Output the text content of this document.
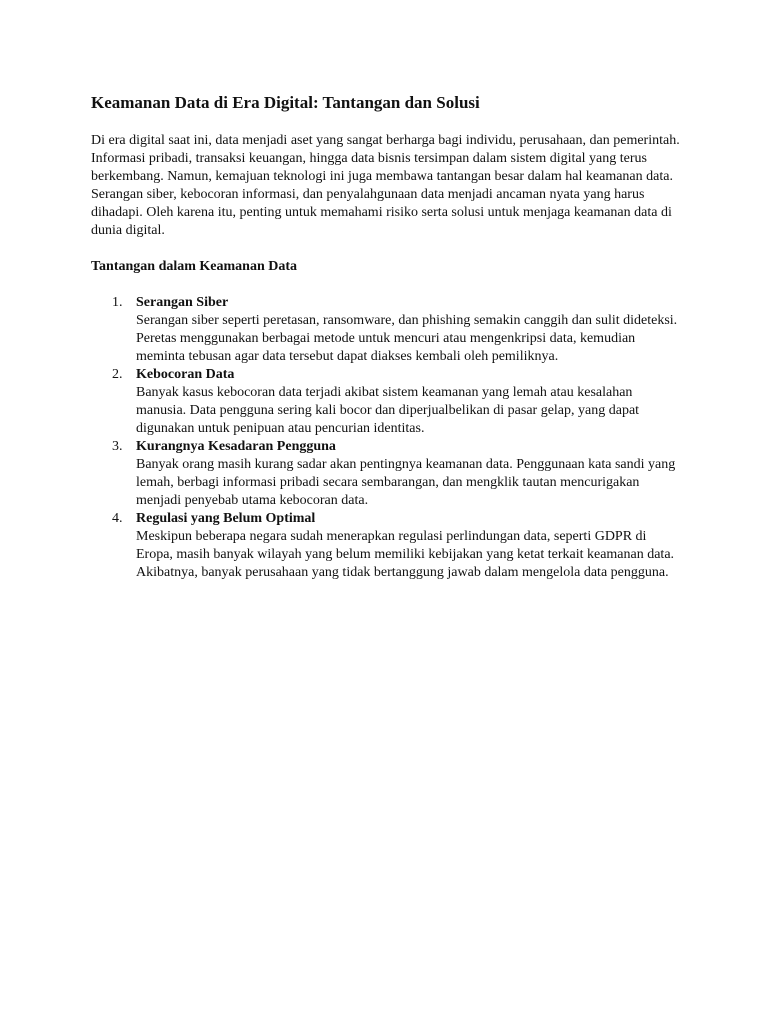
Keamanan Data di Era Digital: Tantangan dan Solusi

Di era digital saat ini, data menjadi aset yang sangat berharga bagi individu, perusahaan, dan pemerintah. Informasi pribadi, transaksi keuangan, hingga data bisnis tersimpan dalam sistem digital yang terus berkembang. Namun, kemajuan teknologi ini juga membawa tantangan besar dalam hal keamanan data. Serangan siber, kebocoran informasi, dan penyalahgunaan data menjadi ancaman nyata yang harus dihadapi. Oleh karena itu, penting untuk memahami risiko serta solusi untuk menjaga keamanan data di dunia digital.

Tantangan dalam Keamanan Data

1. Serangan Siber
Serangan siber seperti peretasan, ransomware, dan phishing semakin canggih dan sulit dideteksi. Peretas menggunakan berbagai metode untuk mencuri atau mengenkripsi data, kemudian meminta tebusan agar data tersebut dapat diakses kembali oleh pemiliknya.
2. Kebocoran Data
Banyak kasus kebocoran data terjadi akibat sistem keamanan yang lemah atau kesalahan manusia. Data pengguna sering kali bocor dan diperjualbelikan di pasar gelap, yang dapat digunakan untuk penipuan atau pencurian identitas.
3. Kurangnya Kesadaran Pengguna
Banyak orang masih kurang sadar akan pentingnya keamanan data. Penggunaan kata sandi yang lemah, berbagi informasi pribadi secara sembarangan, dan mengklik tautan mencurigakan menjadi penyebab utama kebocoran data.
4. Regulasi yang Belum Optimal
Meskipun beberapa negara sudah menerapkan regulasi perlindungan data, seperti GDPR di Eropa, masih banyak wilayah yang belum memiliki kebijakan yang ketat terkait keamanan data. Akibatnya, banyak perusahaan yang tidak bertanggung jawab dalam mengelola data pengguna.
